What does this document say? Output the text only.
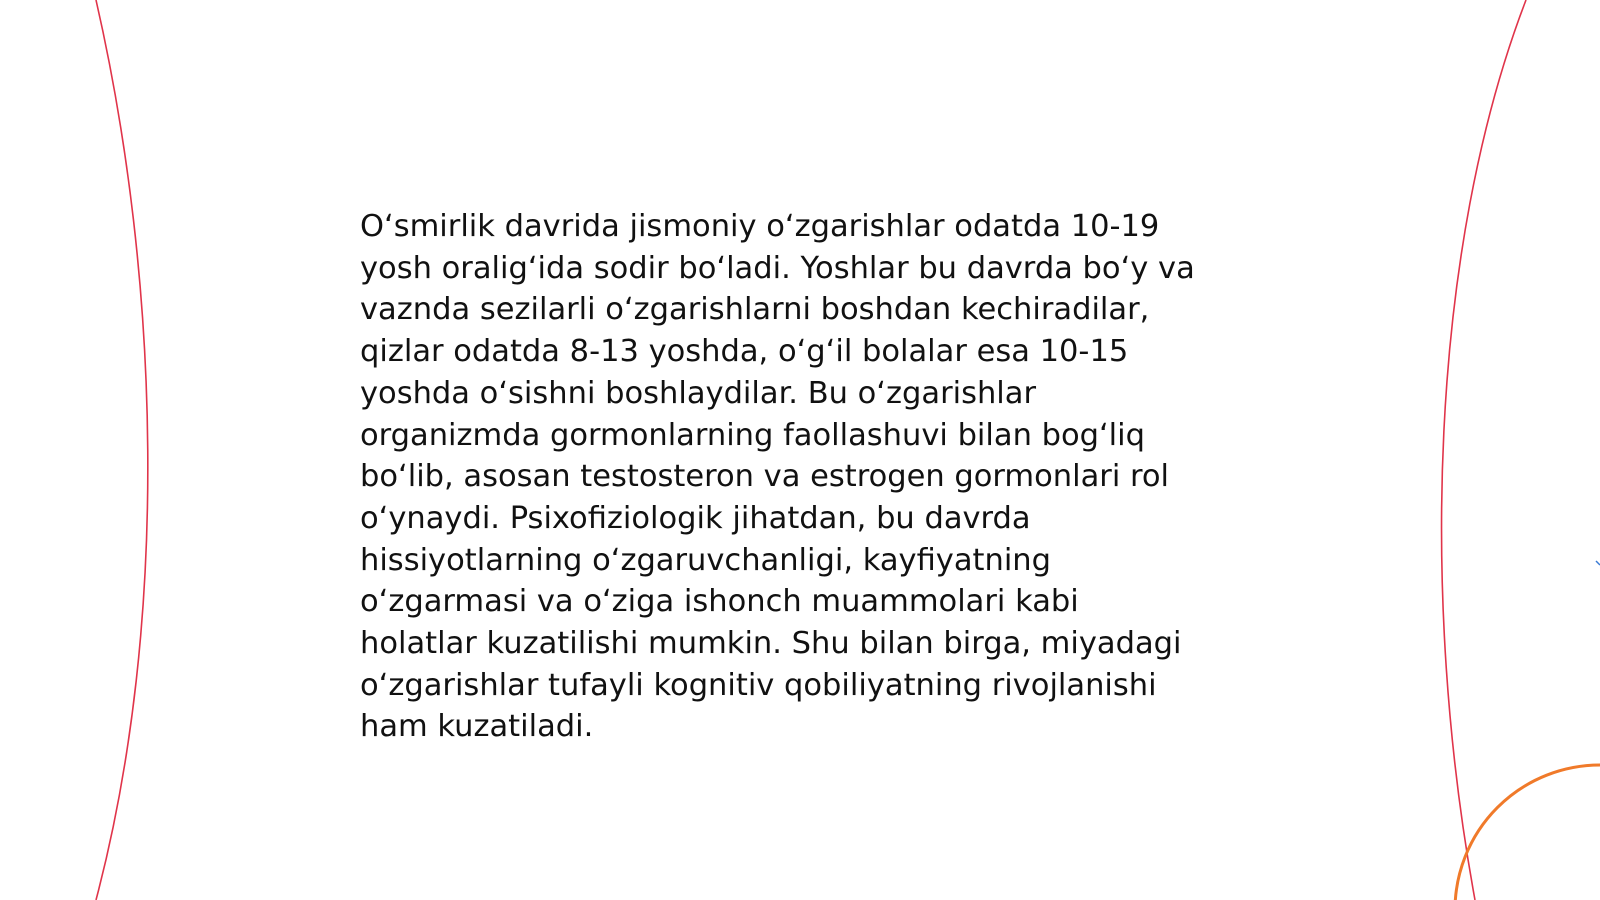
O‘smirlik davrida jismoniy o‘zgarishlar odatda 10-19
yosh oralig‘ida sodir bo‘ladi. Yoshlar bu davrda bo‘y va
vaznda sezilarli o‘zgarishlarni boshdan kechiradilar,
qizlar odatda 8-13 yoshda, o‘g‘il bolalar esa 10-15
yoshda o‘sishni boshlaydilar. Bu o‘zgarishlar
organizmda gormonlarning faollashuvi bilan bog‘liq
bo‘lib, asosan testosteron va estrogen gormonlari rol
o‘ynaydi. Psixofiziologik jihatdan, bu davrda
hissiyotlarning o‘zgaruvchanligi, kayfiyatning
o‘zgarmasi va o‘ziga ishonch muammolari kabi
holatlar kuzatilishi mumkin. Shu bilan birga, miyadagi
o‘zgarishlar tufayli kognitiv qobiliyatning rivojlanishi
ham kuzatiladi.
